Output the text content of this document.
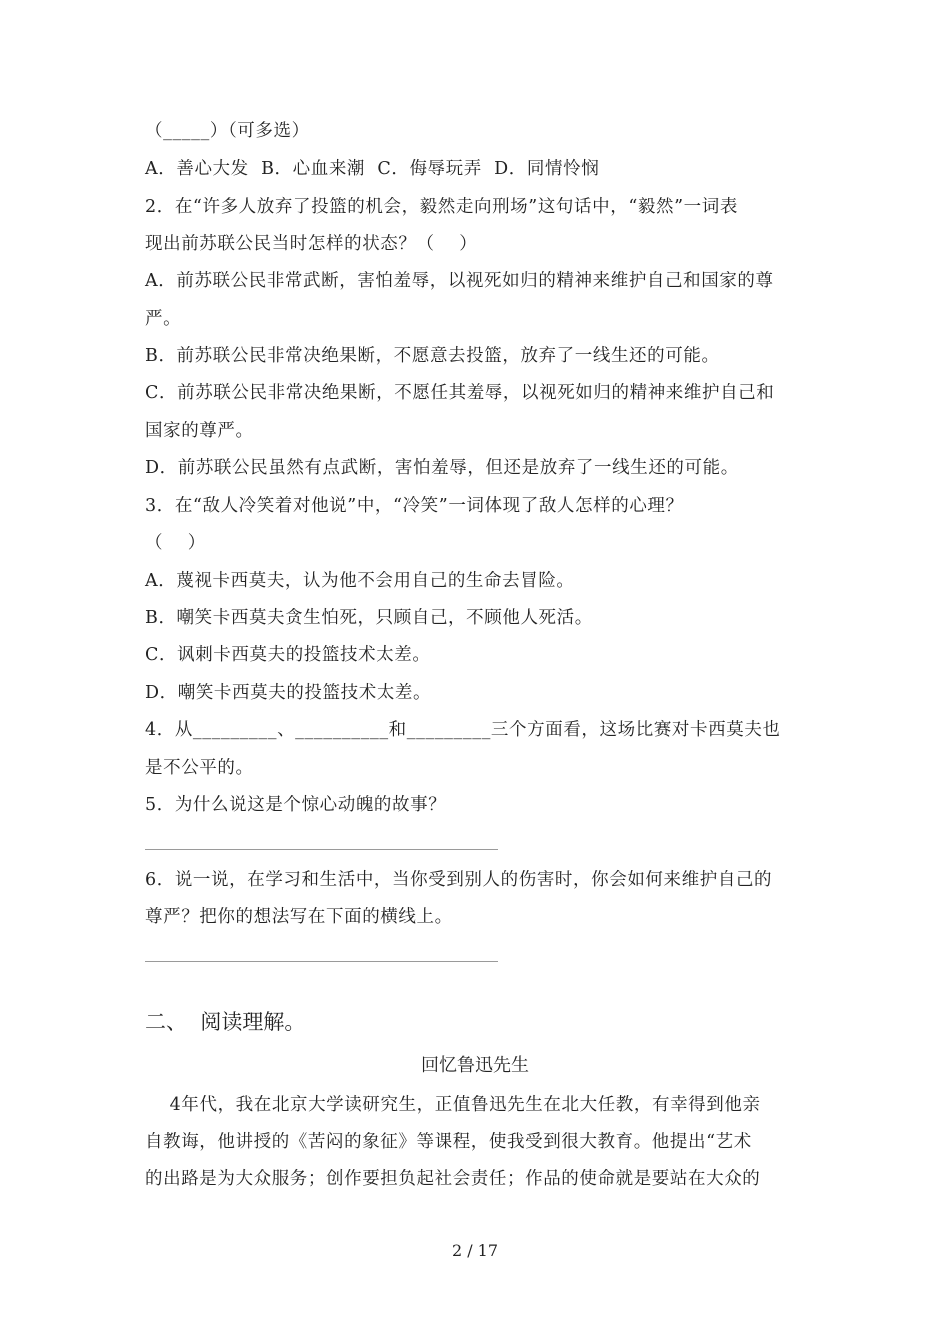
（_____）（可多选）
A．善心大发  B．心血来潮  C．侮辱玩弄  D．同情怜悯
2．在“许多人放弃了投篮的机会，毅然走向刑场”这句话中，“毅然”一词表
现出前苏联公民当时怎样的状态？（    ）
A．前苏联公民非常武断，害怕羞辱，以视死如归的精神来维护自己和国家的尊
严。
B．前苏联公民非常决绝果断，不愿意去投篮，放弃了一线生还的可能。
C．前苏联公民非常决绝果断，不愿任其羞辱，以视死如归的精神来维护自己和
国家的尊严。
D．前苏联公民虽然有点武断，害怕羞辱，但还是放弃了一线生还的可能。
3．在“敌人冷笑着对他说”中，“冷笑”一词体现了敌人怎样的心理？
（    ）
A．蔑视卡西莫夫，认为他不会用自己的生命去冒险。
B．嘲笑卡西莫夫贪生怕死，只顾自己，不顾他人死活。
C．讽刺卡西莫夫的投篮技术太差。
D．嘲笑卡西莫夫的投篮技术太差。
4．从_________、__________和_________三个方面看，这场比赛对卡西莫夫也
是不公平的。
5．为什么说这是个惊心动魄的故事？
6．说一说，在学习和生活中，当你受到别人的伤害时，你会如何来维护自己的
尊严？把你的想法写在下面的横线上。
二、  阅读理解。
回忆鲁迅先生
4年代，我在北京大学读研究生，正值鲁迅先生在北大任教，有幸得到他亲
自教诲，他讲授的《苦闷的象征》等课程，使我受到很大教育。他提出“艺术
的出路是为大众服务；创作要担负起社会责任；作品的使命就是要站在大众的
2 / 17
